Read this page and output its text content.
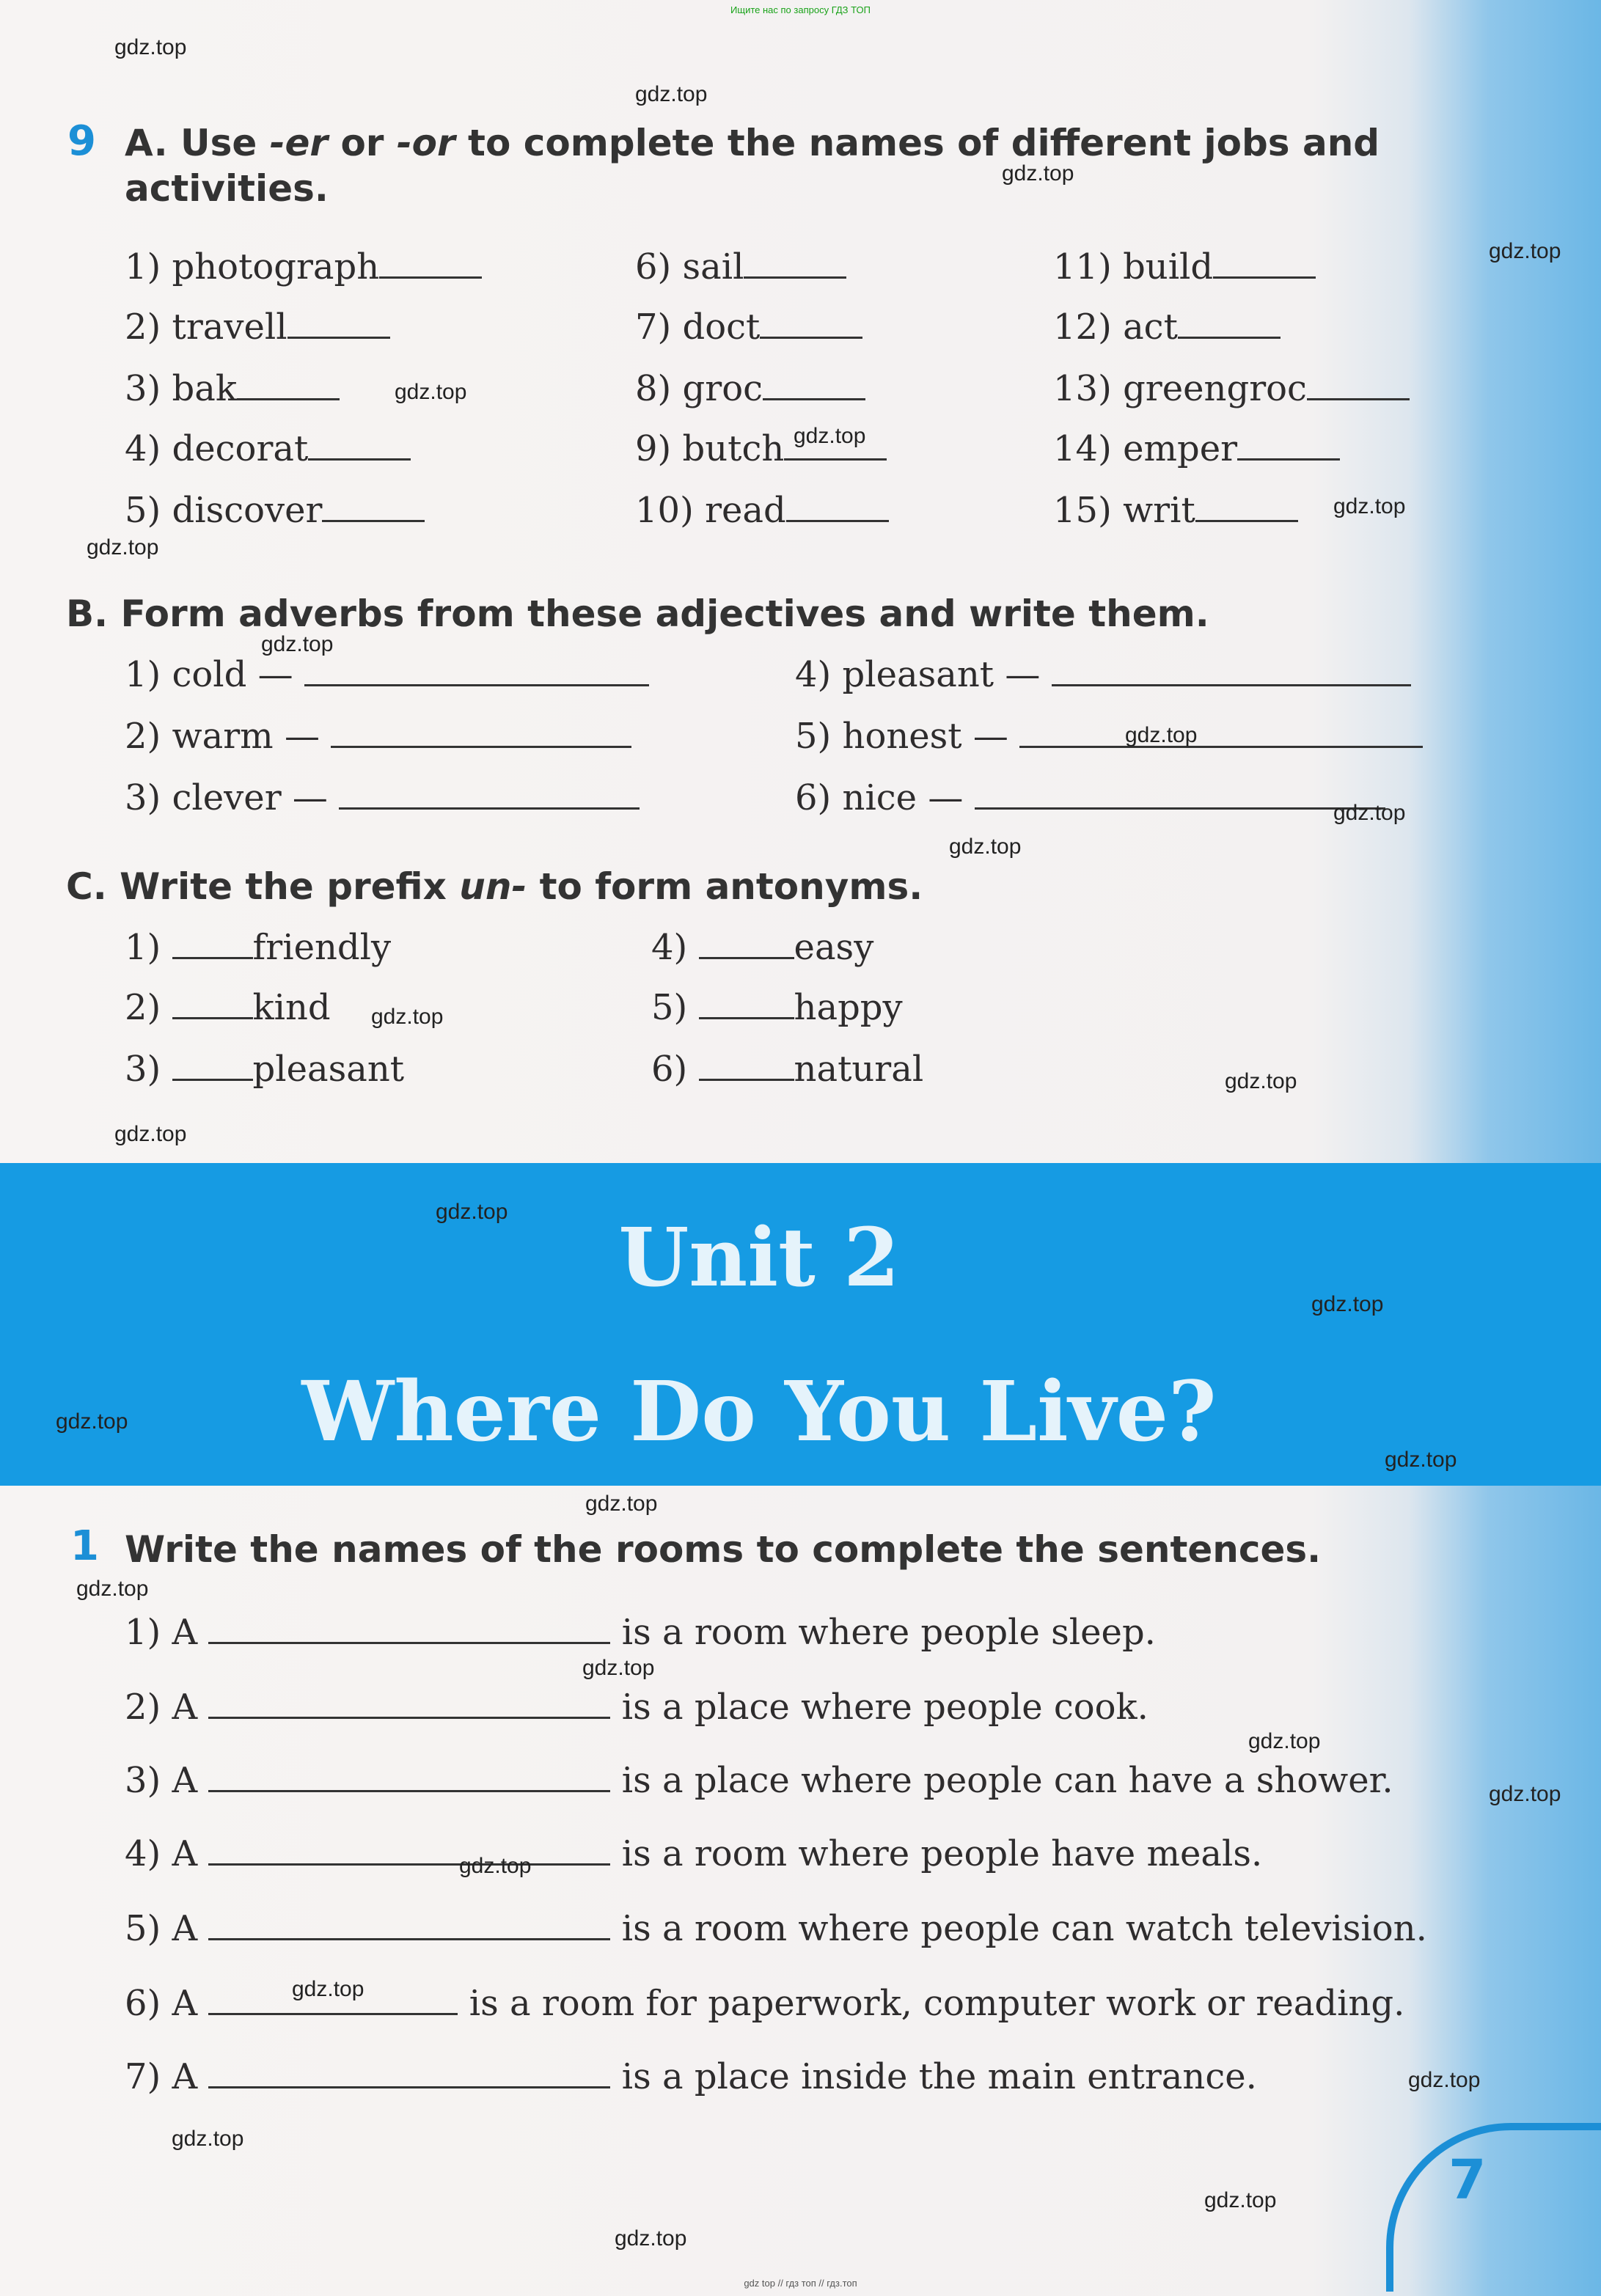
Ищите нас по запросу ГДЗ ТОП
9 A. Use -er or -or to complete the names of different jobs and
activities.
1) photograph	6) sail	11) build
2) travell	7) doct	12) act
3) bak	8) groc	13) greengroc
4) decorat	9) butch	14) emper
5) discover	10) read	15) writ
B. Form adverbs from these adjectives and write them.
1) cold —
2) warm —
3) clever —
4) pleasant —
5) honest —
6) nice —
C. Write the prefix un- to form antonyms.
1)	friendly
2)	kind
3)	pleasant
4)	easy
5)	happy
6)	natural
Unit 2
Where Do You Live?
1 Write the names of the rooms to complete the sentences.
1) A	is a room where people sleep.
2) A	is a place where people cook.
3) A	is a place where people can have a shower.
4) A	is a room where people have meals.
5) A	is a room where people can watch television.
6) A	is a room for paperwork, computer work or reading.
7) A	is a place inside the main entrance.
7
gdz.top
gdz.top
gdz.top
gdz.top
gdz.top
gdz.top
gdz.top
gdz.top
gdz.top
gdz.top
gdz.top
gdz.top
gdz.top
gdz.top
gdz.top
gdz.top
gdz.top
gdz.top
gdz.top
gdz.top
gdz.top
gdz.top
gdz.top
gdz.top
gdz.top
gdz.top
gdz.top
gdz.top
gdz.top
gdz.top
gdz top // гдз топ // гдз.топ
